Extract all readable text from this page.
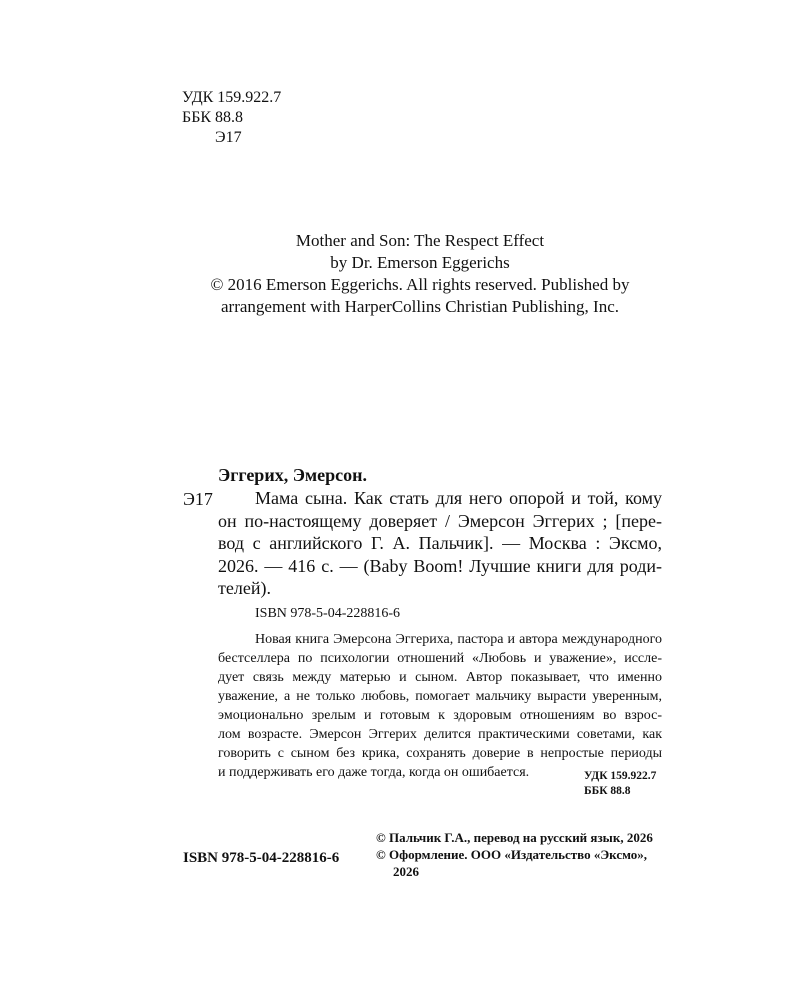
УДК 159.922.7
ББК 88.8
Э17
Mother and Son: The Respect Effect
by Dr. Emerson Eggerichs
© 2016 Emerson Eggerichs. All rights reserved. Published by
arrangement with HarperCollins Christian Publishing, Inc.
Эггерих, Эмерсон.
Э17 Мама сына. Как стать для него опорой и той, кому
он по-настоящему доверяет / Эмерсон Эггерих ; [пере-
вод с английского Г. А. Пальчик]. — Москва : Эксмо,
2026. — 416 с. — (Baby Boom! Лучшие книги для роди-
телей).
ISBN 978-5-04-228816-6
Новая книга Эмерсона Эггериха, пастора и автора международного
бестселлера по психологии отношений «Любовь и уважение», иссле-
дует связь между матерью и сыном. Автор показывает, что именно
уважение, а не только любовь, помогает мальчику вырасти уверенным,
эмоционально зрелым и готовым к здоровым отношениям во взрос-
лом возрасте. Эмерсон Эггерих делится практическими советами, как
говорить с сыном без крика, сохранять доверие в непростые периоды
и поддерживать его даже тогда, когда он ошибается.	УДК 159.922.7
ББК 88.8
© Пальчик Г.А., перевод на русский язык, 2026
© Оформление. ООО «Издательство «Эксмо»,
2026
ISBN 978-5-04-228816-6
